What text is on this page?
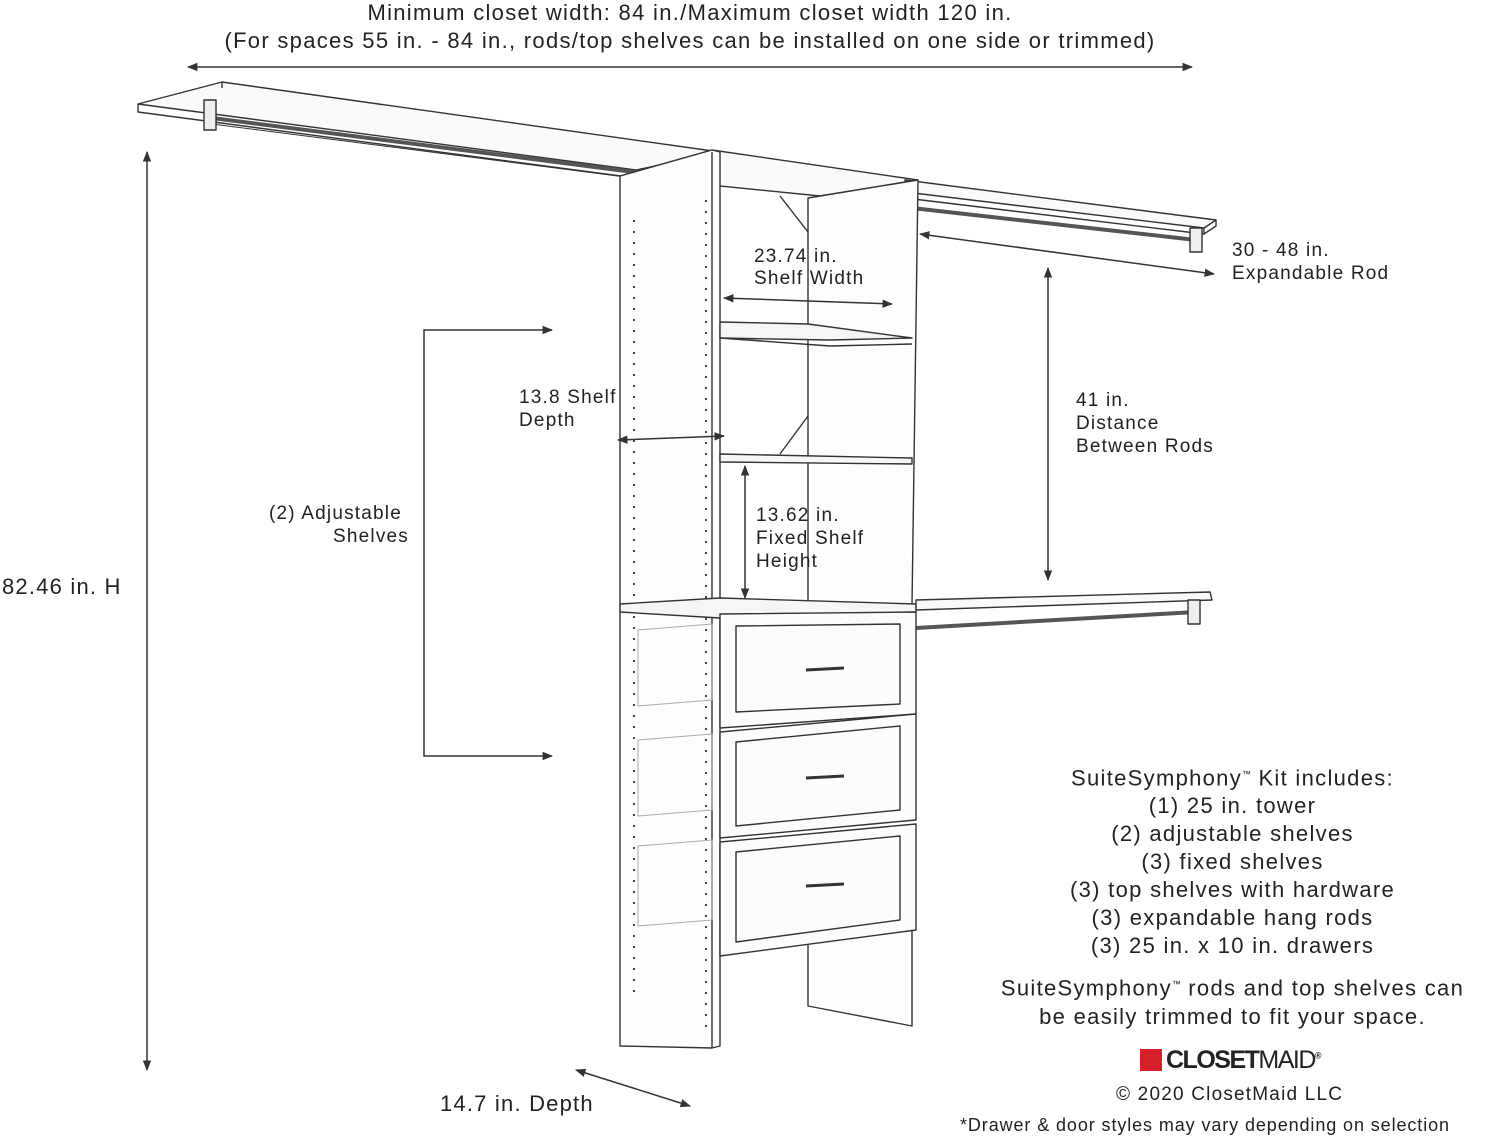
Minimum closet width: 84 in./Maximum closet width 120 in.
(For spaces 55 in. - 84 in., rods/top shelves can be installed on one side or trimmed)
82.46 in. H
14.7 in. Depth
23.74 in.
Shelf Width
13.8 Shelf
Depth
(2) Adjustable
Shelves
13.62 in.
Fixed Shelf
Height
30 - 48 in.
Expandable Rod
41 in.
Distance
Between Rods
SuiteSymphony™ Kit includes:
(1) 25 in. tower
(2) adjustable shelves
(3) fixed shelves
(3) top shelves with hardware
(3) expandable hang rods
(3) 25 in. x 10 in. drawers
SuiteSymphony™ rods and top shelves can
be easily trimmed to fit your space.
CLOSETMAID®
© 2020 ClosetMaid LLC
*Drawer & door styles may vary depending on selection
